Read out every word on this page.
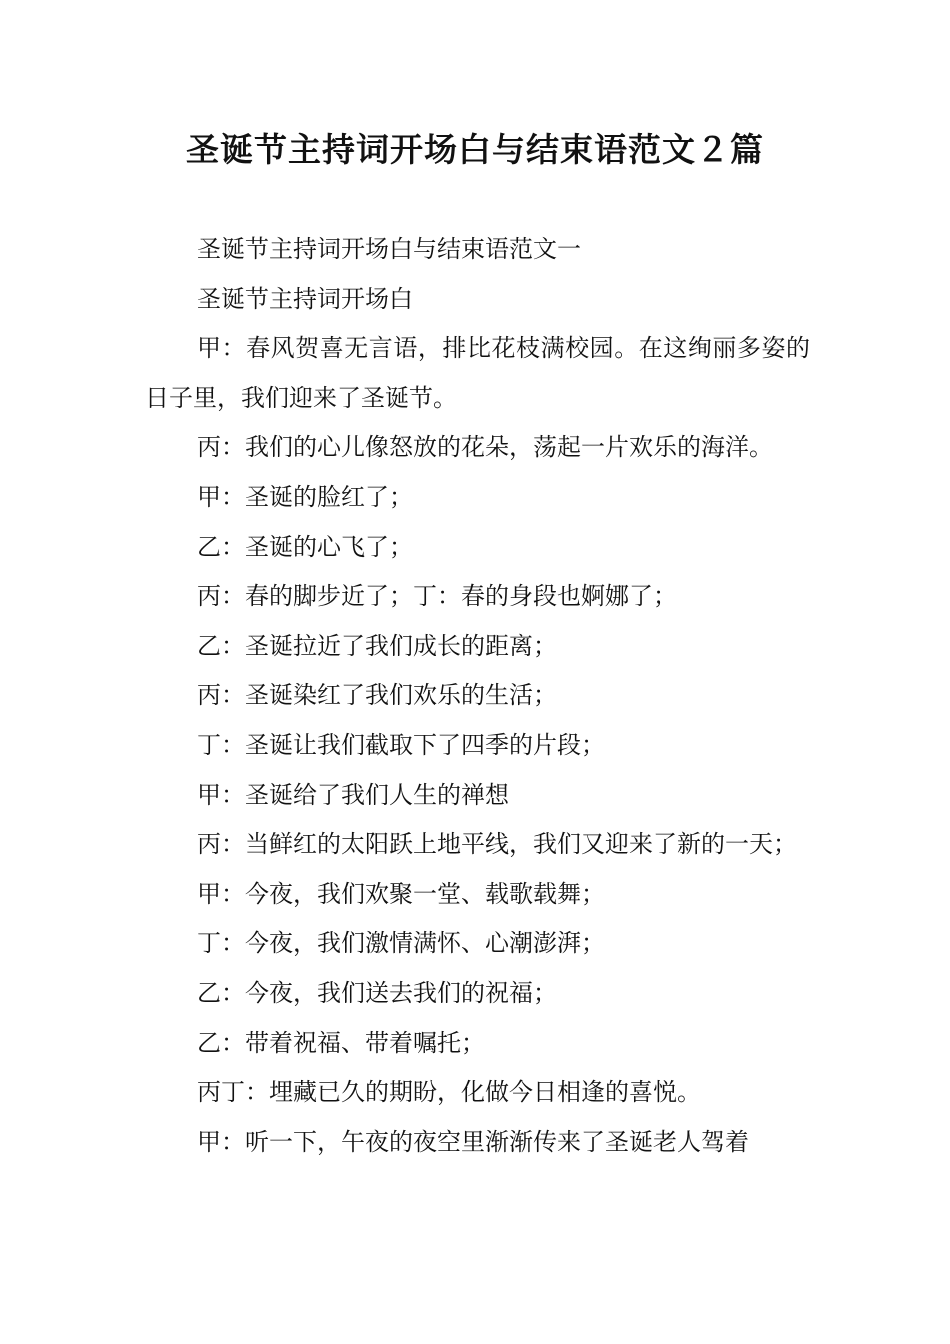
圣诞节主持词开场白与结束语范文２篇

圣诞节主持词开场白与结束语范文一

圣诞节主持词开场白

甲：春风贺喜无言语，排比花枝满校园。在这绚丽多姿的日子里，我们迎来了圣诞节。

丙：我们的心儿像怒放的花朵，荡起一片欢乐的海洋。

甲：圣诞的脸红了；

乙：圣诞的心飞了；

丙：春的脚步近了；丁：春的身段也婀娜了；

乙：圣诞拉近了我们成长的距离；

丙：圣诞染红了我们欢乐的生活；

丁：圣诞让我们截取下了四季的片段；

甲：圣诞给了我们人生的禅想

丙：当鲜红的太阳跃上地平线，我们又迎来了新的一天；

甲：今夜，我们欢聚一堂、载歌载舞；

丁：今夜，我们激情满怀、心潮澎湃；

乙：今夜，我们送去我们的祝福；

乙：带着祝福、带着嘱托；

丙丁：埋藏已久的期盼，化做今日相逢的喜悦。

甲：听一下，午夜的夜空里渐渐传来了圣诞老人驾着
